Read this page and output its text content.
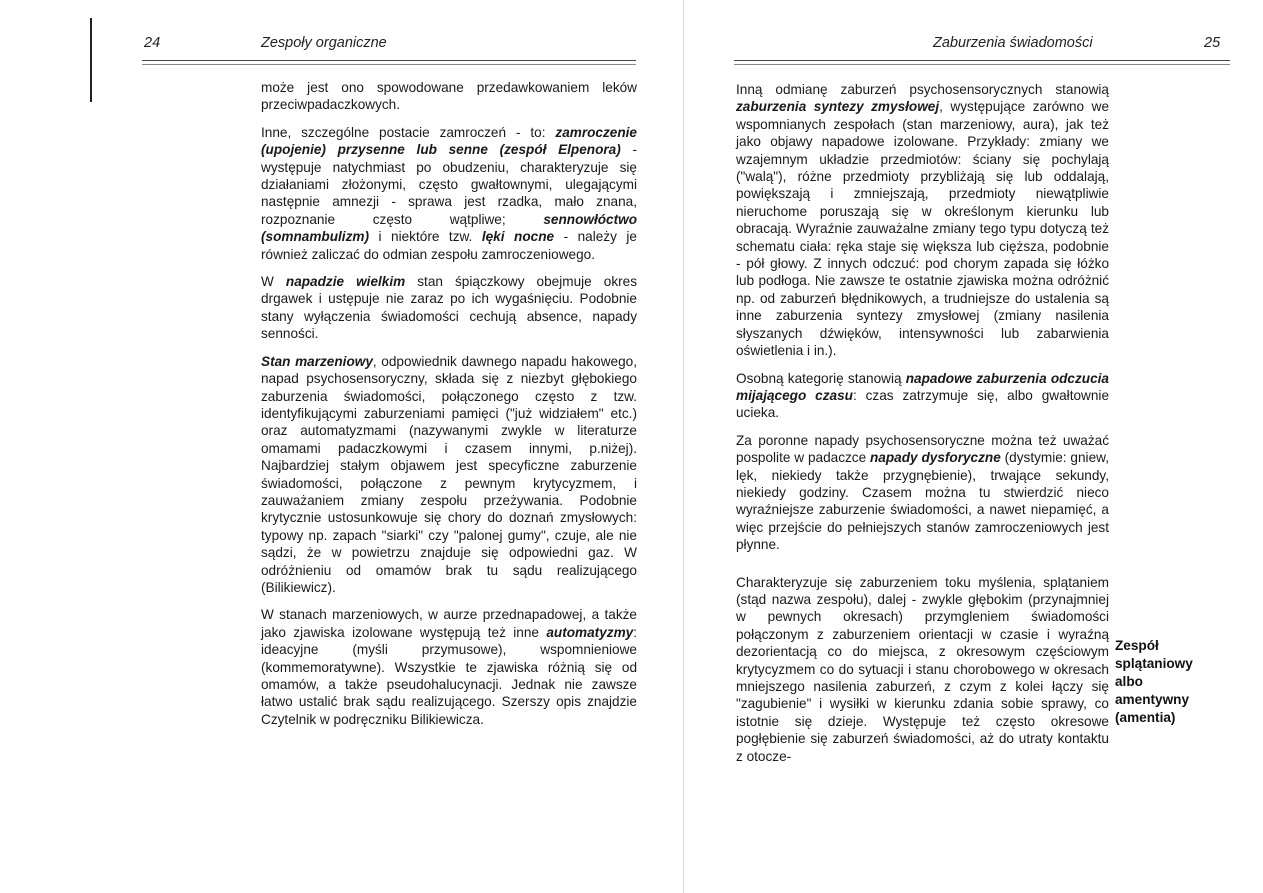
24	Zespoły organiczne

może jest ono spowodowane przedawkowaniem leków przeciwpadaczkowych.

Inne, szczególne postacie zamroczeń - to: zamroczenie (upojenie) przysenne lub senne (zespół Elpenora) - występuje natychmiast po obudzeniu, charakteryzuje się działaniami złożonymi, często gwałtownymi, ulegającymi następnie amnezji - sprawa jest rzadka, mało znana, rozpoznanie często wątpliwe; sennowłóctwo (somnambulizm) i niektóre tzw. lęki nocne - należy je również zaliczać do odmian zespołu zamroczeniowego.

W napadzie wielkim stan śpiączkowy obejmuje okres drgawek i ustępuje nie zaraz po ich wygaśnięciu. Podobnie stany wyłączenia świadomości cechują absence, napady senności.

Stan marzeniowy, odpowiednik dawnego napadu hakowego, napad psychosensoryczny, składa się z niezbyt głębokiego zaburzenia świadomości, połączonego często z tzw. identyfikującymi zaburzeniami pamięci ("już widziałem" etc.) oraz automatyzmami (nazywanymi zwykle w literaturze omamami padaczkowymi i czasem innymi, p.niżej). Najbardziej stałym objawem jest specyficzne zaburzenie świadomości, połączone z pewnym krytycyzmem, i zauważaniem zmiany zespołu przeżywania. Podobnie krytycznie ustosunkowuje się chory do doznań zmysłowych: typowy np. zapach "siarki" czy "palonej gumy", czuje, ale nie sądzi, że w powietrzu znajduje się odpowiedni gaz. W odróżnieniu od omamów brak tu sądu realizującego (Bilikiewicz).

W stanach marzeniowych, w aurze przednapadowej, a także jako zjawiska izolowane występują też inne automatyzmy: ideacyjne (myśli przymusowe), wspomnieniowe (kommemoratywne). Wszystkie te zjawiska różnią się od omamów, a także pseudohalucynacji. Jednak nie zawsze łatwo ustalić brak sądu realizującego. Szerszy opis znajdzie Czytelnik w podręczniku Bilikiewicza.

Zaburzenia świadomości	25

Inną odmianę zaburzeń psychosensorycznych stanowią zaburzenia syntezy zmysłowej, występujące zarówno we wspomnianych zespołach (stan marzeniowy, aura), jak też jako objawy napadowe izolowane. Przykłady: zmiany we wzajemnym układzie przedmiotów: ściany się pochylają ("walą"), różne przedmioty przybliżają się lub oddalają, powiększają i zmniejszają, przedmioty niewątpliwie nieruchome poruszają się w określonym kierunku lub obracają. Wyraźnie zauważalne zmiany tego typu dotyczą też schematu ciała: ręka staje się większa lub cięższa, podobnie - pół głowy. Z innych odczuć: pod chorym zapada się łóżko lub podłoga. Nie zawsze te ostatnie zjawiska można odróżnić np. od zaburzeń błędnikowych, a trudniejsze do ustalenia są inne zaburzenia syntezy zmysłowej (zmiany nasilenia słyszanych dźwięków, intensywności lub zabarwienia oświetlenia i in.).

Osobną kategorię stanowią napadowe zaburzenia odczucia mijającego czasu: czas zatrzymuje się, albo gwałtownie ucieka.

Za poronne napady psychosensoryczne można też uważać pospolite w padaczce napady dysforyczne (dystymie: gniew, lęk, niekiedy także przygnębienie), trwające sekundy, niekiedy godziny. Czasem można tu stwierdzić nieco wyraźniejsze zaburzenie świadomości, a nawet niepamięć, a więc przejście do pełniejszych stanów zamroczeniowych jest płynne.

Charakteryzuje się zaburzeniem toku myślenia, splątaniem (stąd nazwa zespołu), dalej - zwykle głębokim (przynajmniej w pewnych okresach) przymgleniem świadomości połączonym z zaburzeniem orientacji w czasie i wyraźną dezorientacją co do miejsca, z okresowym częściowym krytycyzmem co do sytuacji i stanu chorobowego w okresach mniejszego nasilenia zaburzeń, z czym z kolei łączy się "zagubienie" i wysiłki w kierunku zdania sobie sprawy, co istotnie się dzieje. Występuje też często okresowe pogłębienie się zaburzeń świadomości, aż do utraty kontaktu z otocze-

Zespół
splątaniowy
albo
amentywny
(amentia)
